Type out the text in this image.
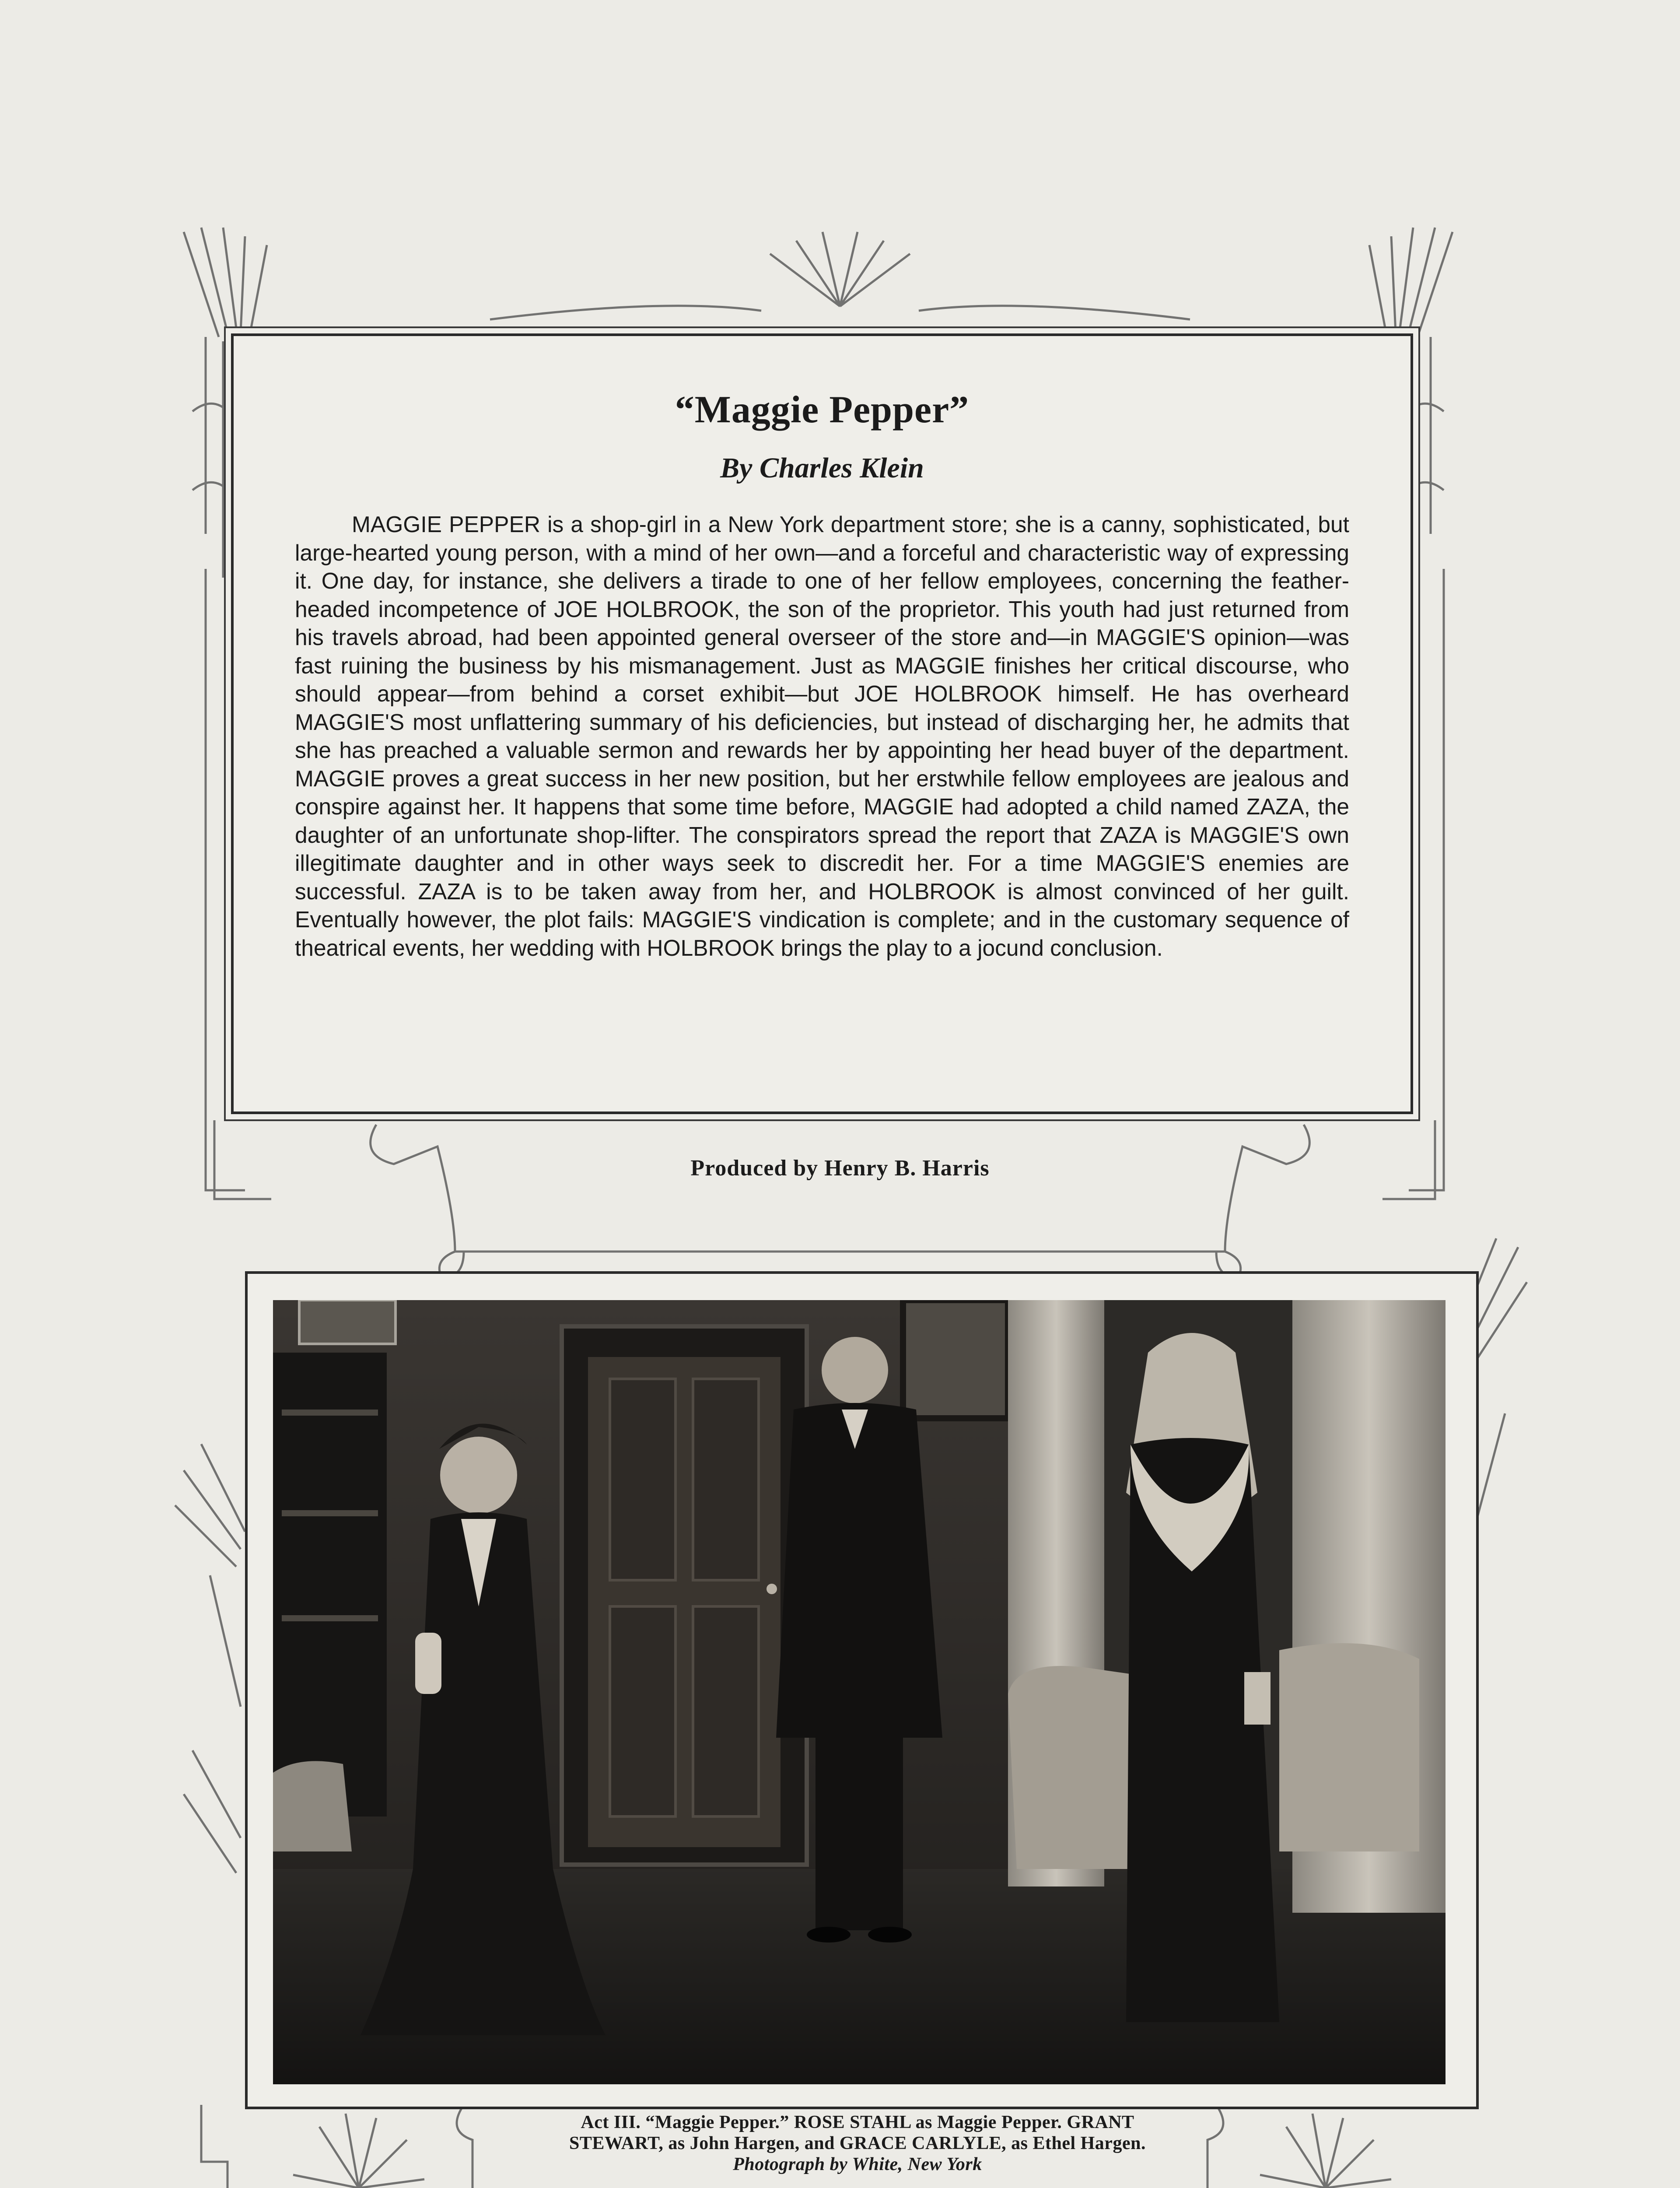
“Maggie Pepper”
By Charles Klein
MAGGIE PEPPER is a shop-girl in a New York department store; she is a canny, sophisticated, but large-hearted young person, with a mind of her own—and a forceful and characteristic way of expressing it. One day, for instance, she delivers a tirade to one of her fellow employees, concerning the feather-headed incompetence of JOE HOLBROOK, the son of the proprietor. This youth had just returned from his travels abroad, had been appointed general overseer of the store and—in MAGGIE'S opinion—was fast ruining the business by his mismanagement. Just as MAGGIE finishes her critical discourse, who should appear—from behind a corset exhibit—but JOE HOLBROOK himself. He has overheard MAGGIE'S most unflattering summary of his deficiencies, but instead of discharging her, he admits that she has preached a valuable sermon and rewards her by appointing her head buyer of the department. MAGGIE proves a great success in her new position, but her erstwhile fellow employees are jealous and conspire against her. It happens that some time before, MAGGIE had adopted a child named ZAZA, the daughter of an unfortunate shop-lifter. The conspirators spread the report that ZAZA is MAGGIE'S own illegitimate daughter and in other ways seek to discredit her. For a time MAGGIE'S enemies are successful. ZAZA is to be taken away from her, and HOLBROOK is almost convinced of her guilt. Eventually however, the plot fails: MAGGIE'S vindication is complete; and in the customary sequence of theatrical events, her wedding with HOLBROOK brings the play to a jocund conclusion.
Produced by Henry B. Harris
Act III. “Maggie Pepper.” ROSE STAHL as Maggie Pepper. GRANT
STEWART, as John Hargen, and GRACE CARLYLE, as Ethel Hargen.
Photograph by White, New York
